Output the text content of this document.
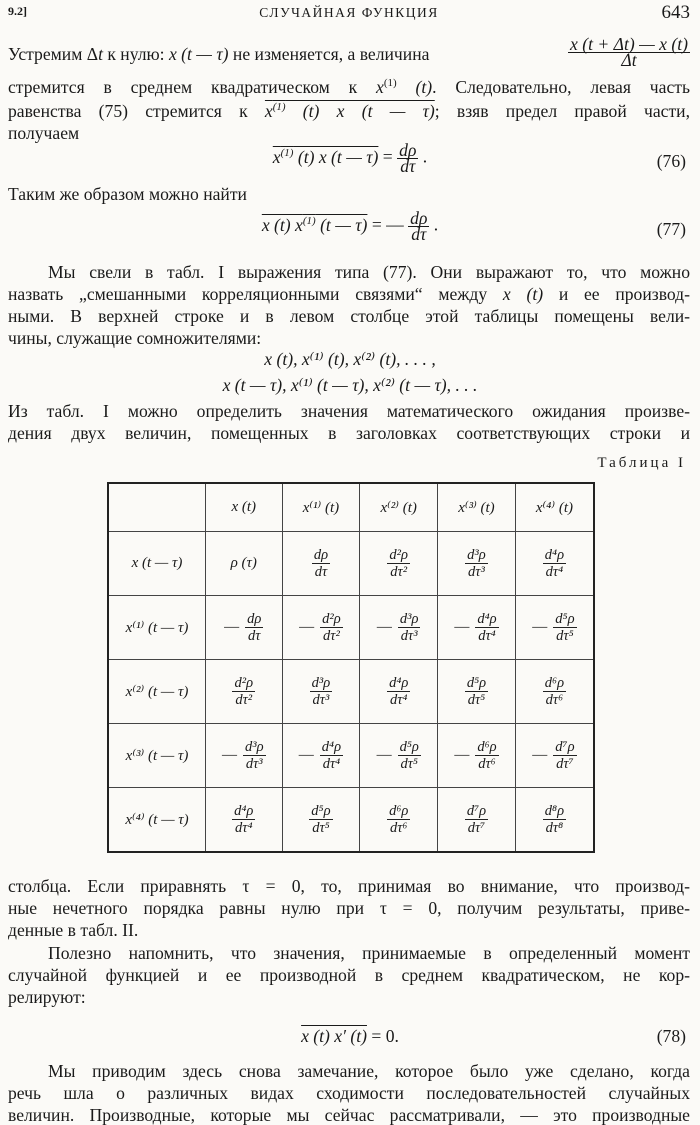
9.2]	СЛУЧАЙНАЯ ФУНКЦИЯ	643
Устремим Δt к нулю: x (t — τ) не изменяется, а величина	$\frac{x (t + \Delta t) — x (t)}{\Delta t}$
стремится в среднем квадратическом к $x^{(1)}$ (t). Следовательно, левая часть
равенства (75) стремится к $x^{(1)}$ (t) x (t — τ); взяв предел правой части,
получаем
$x^{(1)}$ (t) x (t — $\tau) = \frac{d\rho}{d\tau}$ .	(76)
Таким же образом можно найти
x (t) $x^{(1)}$ (t — τ) = — $\frac{d\rho}{d\tau}$ .	(77)
Мы свели в табл. I выражения типа (77). Они выражают то, что можно
назвать „смешанными корреляционными связями“ между x (t) и ее производ-
ными. В верхней строке и в левом столбце этой таблицы помещены вели-
чины, служащие сомножителями:
x (t), x⁽¹⁾ (t), x⁽²⁾ (t), . . . ,
x (t — τ), x⁽¹⁾ (t — τ), x⁽²⁾ (t — τ), . . .
Из табл. I можно определить значения математического ожидания произве-
дения двух величин, помещенных в заголовках соответствующих строки и
Таблица I
	x (t)	x⁽¹⁾ (t)	x⁽²⁾ (t)	x⁽³⁾ (t)	x⁽⁴⁾ (t)
x (t — τ)	ρ (τ)	$\frac{d\rho}{d\tau}$	$\frac{\text{d²ρ}}{\text{dτ²}}$	$\frac{\text{d³ρ}}{\text{dτ³}}$	$\frac{\text{d⁴ρ}}{\text{dτ⁴}}$

x⁽¹⁾ (t — τ)	— $\frac{d\rho}{d\tau}$	— $\frac{\text{d²ρ}}{\text{dτ²}}$	— $\frac{\text{d³ρ}}{\text{dτ³}}$	— $\frac{\text{d⁴ρ}}{\text{dτ⁴}}$	— $\frac{\text{d⁵ρ}}{\text{dτ⁵}}$

x⁽²⁾ (t — τ)	$\frac{\text{d²ρ}}{\text{dτ²}}$	$\frac{\text{d³ρ}}{\text{dτ³}}$	$\frac{\text{d⁴ρ}}{\text{dτ⁴}}$	$\frac{\text{d⁵ρ}}{\text{dτ⁵}}$	$\frac{\text{d⁶ρ}}{\text{dτ⁶}}$

x⁽³⁾ (t — τ)	— $\frac{\text{d³ρ}}{\text{dτ³}}$	— $\frac{\text{d⁴ρ}}{\text{dτ⁴}}$	— $\frac{\text{d⁵ρ}}{\text{dτ⁵}}$	— $\frac{\text{d⁶ρ}}{\text{dτ⁶}}$	— $\frac{\text{d⁷ρ}}{\text{dτ⁷}}$

x⁽⁴⁾ (t — τ)	$\frac{\text{d⁴ρ}}{\text{dτ⁴}}$	$\frac{\text{d⁵ρ}}{\text{dτ⁵}}$	$\frac{\text{d⁶ρ}}{\text{dτ⁶}}$	$\frac{\text{d⁷ρ}}{\text{dτ⁷}}$	$\frac{\text{d⁸ρ}}{\text{dτ⁸}}$
столбца. Если приравнять τ = 0, то, принимая во внимание, что производ-
ные нечетного порядка равны нулю при τ = 0, получим результаты, приве-
денные в табл. II.
Полезно напомнить, что значения, принимаемые в определенный момент
случайной функцией и ее производной в среднем квадратическом, не кор-
релируют:
x (t) x′ (t) = 0.	(78)
Мы приводим здесь снова замечание, которое было уже сделано, когда
речь шла о различных видах сходимости последовательностей случайных
величин. Производные, которые мы сейчас рассматривали, — это производные
